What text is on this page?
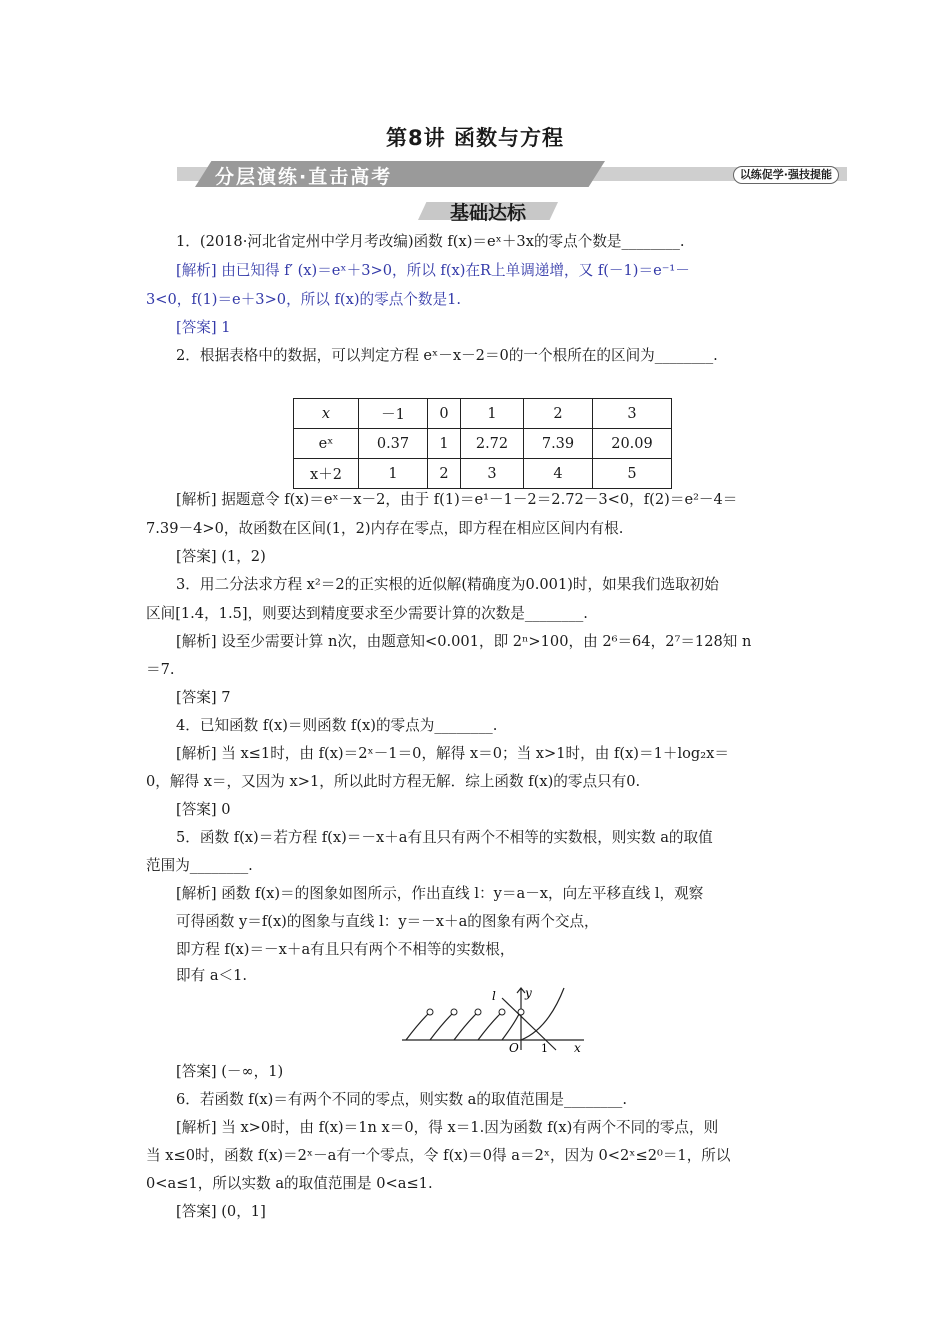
第8讲 函数与方程
分层演练·直击高考	以练促学·强技提能
基础达标
1．(2018·河北省定州中学月考改编)函数 f(x)＝eˣ＋3x的零点个数是________.
[解析] 由已知得 f′ (x)＝eˣ＋3>0，所以 f(x)在R上单调递增，又 f(－1)＝e⁻¹－
3<0，f(1)＝e＋3>0，所以 f(x)的零点个数是1.
[答案] 1
2．根据表格中的数据，可以判定方程 eˣ－x－2＝0的一个根所在的区间为________.
x	－1	0	1	2	3
eˣ	0.37	1	2.72	7.39	20.09
x＋2	1	2	3	4	5
[解析] 据题意令 f(x)＝eˣ－x－2，由于 f(1)＝e¹－1－2＝2.72－3<0，f(2)＝e²－4＝
7.39－4>0，故函数在区间(1，2)内存在零点，即方程在相应区间内有根.
[答案] (1，2)
3．用二分法求方程 x²＝2的正实根的近似解(精确度为0.001)时，如果我们选取初始
区间[1.4，1.5]，则要达到精度要求至少需要计算的次数是________.
[解析] 设至少需要计算 n次，由题意知<0.001，即 2ⁿ>100，由 2⁶＝64，2⁷＝128知 n
＝7.
[答案] 7
4．已知函数 f(x)＝则函数 f(x)的零点为________.
[解析] 当 x≤1时，由 f(x)＝2ˣ－1＝0，解得 x＝0；当 x>1时，由 f(x)＝1＋log₂x＝
0，解得 x＝，又因为 x>1，所以此时方程无解．综上函数 f(x)的零点只有0.
[答案] 0
5．函数 f(x)＝若方程 f(x)＝－x＋a有且只有两个不相等的实数根，则实数 a的取值
范围为________.
[解析] 函数 f(x)＝的图象如图所示，作出直线 l：y＝a－x，向左平移直线 l，观察
可得函数 y＝f(x)的图象与直线 l：y＝－x＋a的图象有两个交点，
即方程 f(x)＝－x＋a有且只有两个不相等的实数根，
即有 a＜1.
l y
x
O 1
[答案] (－∞，1)
6．若函数 f(x)＝有两个不同的零点，则实数 a的取值范围是________.
[解析] 当 x>0时，由 f(x)＝1n x＝0，得 x＝1.因为函数 f(x)有两个不同的零点，则
当 x≤0时，函数 f(x)＝2ˣ－a有一个零点，令 f(x)＝0得 a＝2ˣ，因为 0<2ˣ≤2⁰＝1，所以
0<a≤1，所以实数 a的取值范围是 0<a≤1.
[答案] (0，1]
